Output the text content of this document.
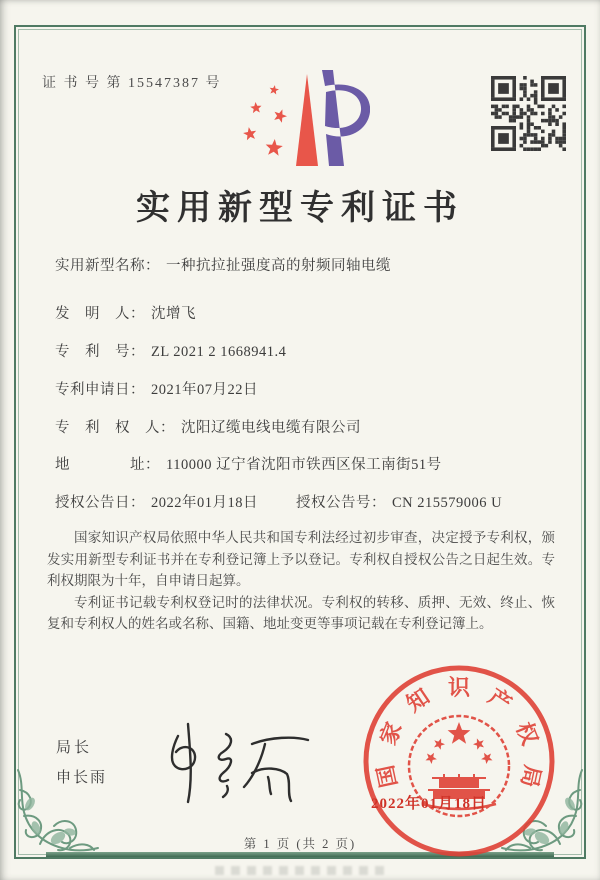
证 书 号 第 15547387 号
实用新型专利证书
实用新型名称： 一种抗拉扯强度高的射频同轴电缆
发　明　人： 沈增飞
专　利　号： ZL 2021 2 1668941.4
专利申请日： 2021年07月22日
专　利　权　人： 沈阳辽缆电线电缆有限公司
地　　　　址： 110000 辽宁省沈阳市铁西区保工南街51号
授权公告日： 2022年01月18日	授权公告号： CN 215579006 U

国家知识产权局依照中华人民共和国专利法经过初步审查，决定授予专利权，颁发实用新型专利证书并在专利登记簿上予以登记。专利权自授权公告之日起生效。专利权期限为十年，自申请日起算。

专利证书记载专利权登记时的法律状况。专利权的转移、质押、无效、终止、恢复和专利权人的姓名或名称、国籍、地址变更等事项记载在专利登记簿上。

局长
申长雨	国
家
知 识 产
权
局
2022年01月18日
第 1 页 (共 2 页)
